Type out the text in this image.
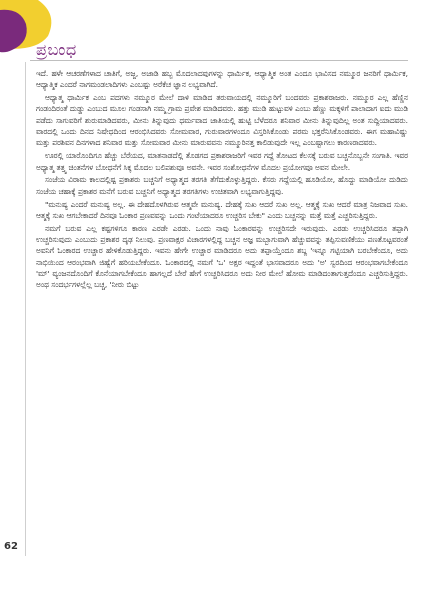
ಪ್ರಬಂಧ

ಇದೆ. ಹಳೇ ಆಚರಣೆಗಳಾದ ಚಾತಿಗೆ, ಅಜ್ಜ, ಅಜಾಡಿ ಹಬ್ಬ ಮೊದಲಾದವುಗಳನ್ನು ಧಾರ್ಮಿಕ, ಆಧ್ಯಾತ್ಮಿಕ ಅಂತ ಎಂದೂ ಭಾವಿಸದ ನಮ್ಮೂರ ಜನರಿಗೆ ಧಾರ್ಮಿಕ, ಆಧ್ಯಾತ್ಮಿಕ ಎಂದರೆ ನಾಗಮಂಡಲಾದಿಗಳು ಎಂಬಷ್ಟು ಅರೆಕೆಚ ಜ್ಞಾನ ಲಭ್ಯವಾಗಿದೆ.

ಆಧ್ಯಾತ್ಮ ಧಾರ್ಮಿಕ ಎಂಬ ಪದಗಳು ನಮ್ಮೂರ ಮೇಲೆ ದಾಳಿ ಮಾಡಿದ ತರುವಾಯದಲ್ಲಿ ನಮ್ಮೂರಿಗೆ ಬಂದವರು ಪ್ರಕಾಶರಾಜರು. ನಮ್ಮೂರ ಎಲ್ಲ ಹೆಣ್ಣಿನ ಗಂಡಂದಿರಂತೆ ದುಡ್ಡು ಎಂಬುದ ಮೂಲ ಗಂಡಸಾಗಿ ನಮ್ಮ ಗ್ರಾಮ ಪ್ರವೇಶ ಮಾಡಿದವರು. ಹತ್ತು ಮುಡಿ ಹುಟ್ಟುವಳಿ ಎಂಬು ಹೆಣ್ಣು ಮಕ್ಕಳಿಗೆ ಪಾಲಾದಾಗ ಐದು ಮುಡಿ ಪಡೆದು ಸಾಗುವರಿಗೆ ಶುರುಮಾಡಿದವರು, ಮೀನು ತಿನ್ನುವುದು ಧರ್ಮವಾದ ಜಾತಿಯಲ್ಲಿ ಹುಟ್ಟಿ ಬೆಳೆದರೂ ಶನಿವಾರ ಮೀನು ತಿನ್ನುವುದಿಲ್ಲ ಅಂತ ಸುದ್ದಿಯಾದವರು. ವಾರದಲ್ಲಿ ಒಂದು ದಿನದ ನಿಷೇಧದಿಂದ ಆರಂಭಿಸಿದವರು ಸೋಮವಾರ, ಗುರುವಾರಗಳಂದೂ ವಿಸ್ತರಿಸಿಕೊಂಡು ಪರಮ ಭಕ್ತರೆನಿಸಿಕೊಂಡವರು. ಈಗ ಮಹಾವಿಷ್ಣು ಮತ್ತು ಪರಶಿವನ ದಿನಗಳಾದ ಶನಿವಾರ ಮತ್ತು ಸೋಮವಾರ ಮೀನು ಮಾರುವವನು ನಮ್ಮೂರಿನತ್ತ ಕಾಲಿಡುವುದೇ ಇಲ್ಲ ಎಂಬಷ್ಟಾಗಲು ಕಾರಣರಾದವರು.

ಊರಲ್ಲಿ ಯಾರೊಂದಿಗೂ ಹೆಚ್ಚು ಬೆರೆಯದ, ಮಾತನಾಡದೆಲ್ಲಿ ತೊಡಗದ ಪ್ರಕಾಶರಾಜರಿಗೆ ಇವರ ಗದ್ದೆ ತೋಟದ ಕೆಲಸಕ್ಕೆ ಬರುವ ಬಚ್ಚನೊಬ್ಬನೇ ಸಂಗಾತಿ. ಇವರ ಅಧ್ಯಾತ್ಮ ತತ್ತ್ವ ಚಿಂತನೆಗಳ ಬೋಧನೆಗೆ ಸಿಕ್ಕ ಮೊದಲ ಬಲಿಪಶುವೂ ಅವನೇ. ಇವರ ಸಂಶೋಧನೆಗಳ ಮೊದಲ ಪ್ರಯೋಗವೂ ಅವನ ಮೇಲೇ.

ಸಂಜೆಯ ವಿರಾಮ ಕಾಲದಲ್ಲಿಷ್ಟ ಪ್ರಕಾಶರು ಬಚ್ಚನಿಗೆ ಅಧ್ಯಾತ್ಮದ ತರಗತಿ ತೆಗೆದುಕೊಳ್ಳುತ್ತಿದ್ದರು. ಕೆಸರು ಗದ್ದೆಯಲ್ಲಿ ಹೂಡಿಯೋ, ಹೊದ್ದು ಮಾಡಿಯೋ ದುಡಿದು ಸಂಜೆಯ ಚಹಾಕ್ಕೆ ಪ್ರಕಾಶರ ಮನೆಗೆ ಬರುವ ಬಚ್ಚನಿಗೆ ಅಧ್ಯಾತ್ಮದ ತರಗತಿಗಳು ಉಚಿತವಾಗಿ ಲಭ್ಯವಾಗುತ್ತಿದ್ದವು.

"ಮನುಷ್ಯ ಎಂದರೆ ಮನುಷ್ಯ ಅಲ್ಲ. ಈ ದೇಹದೊಳಗಿರುವ ಆತ್ಮವೇ ಮನುಷ್ಯ. ದೇಹಕ್ಕೆ ಸುಖ ಆದರೆ ಸುಖ ಅಲ್ಲ. ಆತ್ಮಕ್ಕೆ ಸುಖ ಆದರೆ ಮಾತ್ರ ನಿಜವಾದ ಸುಖ. ಆತ್ಮಕ್ಕೆ ಸುಖ ಆಗಬೇಕಾದರೆ ದಿನವೂ ಓಂಕಾರ ಪ್ರಣವವನ್ನು ಒಂದು ಗಂಟೆಯಾದರೂ ಉಚ್ಚರಿಸ ಬೇಕು" ಎಂದು ಬಚ್ಚನನ್ನು ಮತ್ತೆ ಮತ್ತೆ ಎಚ್ಚರಿಸುತ್ತಿದ್ದರು.

ನಮಗೆ ಬರುವ ಎಲ್ಲ ಕಷ್ಟಗಳಿಗೂ ಕಾರಣ ಎರಡೇ ಎರಡು. ಒಂದು ನಾವು ಓಂಕಾರವನ್ನು ಉಚ್ಚರಿಸದೇ ಇರುವುದು. ಎರಡು ಉಚ್ಚರಿಸಿದರೂ ತಪ್ಪಾಗಿ ಉಚ್ಚರಿಸುವುದು ಎಂಬುದು ಪ್ರಕಾಶರ ದೃಢ ನಿಲುವು. ಪ್ರಣವಾಕ್ಷರ ವಿಚಾರಗಳಲ್ಲಿದ್ದ ಬಚ್ಚನ ಅಜ್ಞ ಮಬ್ಬಾಗುವಾಗಿ ಹೆಚ್ಚುವವನ್ನು ತಪ್ಪಿಸುವಣಿಕೆಯು ಪಣತೊಟ್ಟವರಂತೆ ಅವನಿಗೆ ಓಂಕಾರದ ಉಚ್ಚಾರ ಹೇಳಿಕೊಡುತ್ತಿದ್ದರು. ಇವನು ಹೇಗೇ ಉಚ್ಚಾರ ಮಾಡಿದರೂ ಅದು ತಪ್ಪಾಯ್ತೆಂದೂ ಶಬ್ದ 'ಇನ್ನೂ ಗಟ್ಟಿಯಾಗಿ ಬರಬೇಕೆಂದೂ, ಅದು ನಾಭಿಯಿಂದ ಆರಂಭವಾಗಿ ಜಿಹ್ವೆಗೆ ಹರಿಯಬೇಕೆಂದೂ. ಓಂಕಾರದಲ್ಲಿ ನಮಗೆ 'ಒ' ಅಕ್ಷರ ಇದ್ದಂತೆ ಭಾಸವಾದರೂ ಅದು 'ಅ' ಸ್ವರದಿಂದ ಆರಂಭವಾಗಬೇಕೆಂದೂ 'ಮ್' ವ್ಯಂಜನದೊಂದಿಗೆ ಕೊನೆಯಾಗಬೇಕೆಂದೂ ಹಾಗಲ್ಲದೆ ಬೇರೆ ಹೇಗೆ ಉಚ್ಚರಿಸಿದರೂ ಅದು ನೀರ ಮೇಲೆ ಹೋಮ ಮಾಡಿದಂತಾಗುತ್ತದೆಂದೂ ಎಚ್ಚರಿಸುತ್ತಿದ್ದರು. ಅಂಥ ಸಂದರ್ಭಗಳಲ್ಲೆಲ್ಲ ಬಚ್ಚ, 'ನೀರು ಬಿಟ್ಟು

62
